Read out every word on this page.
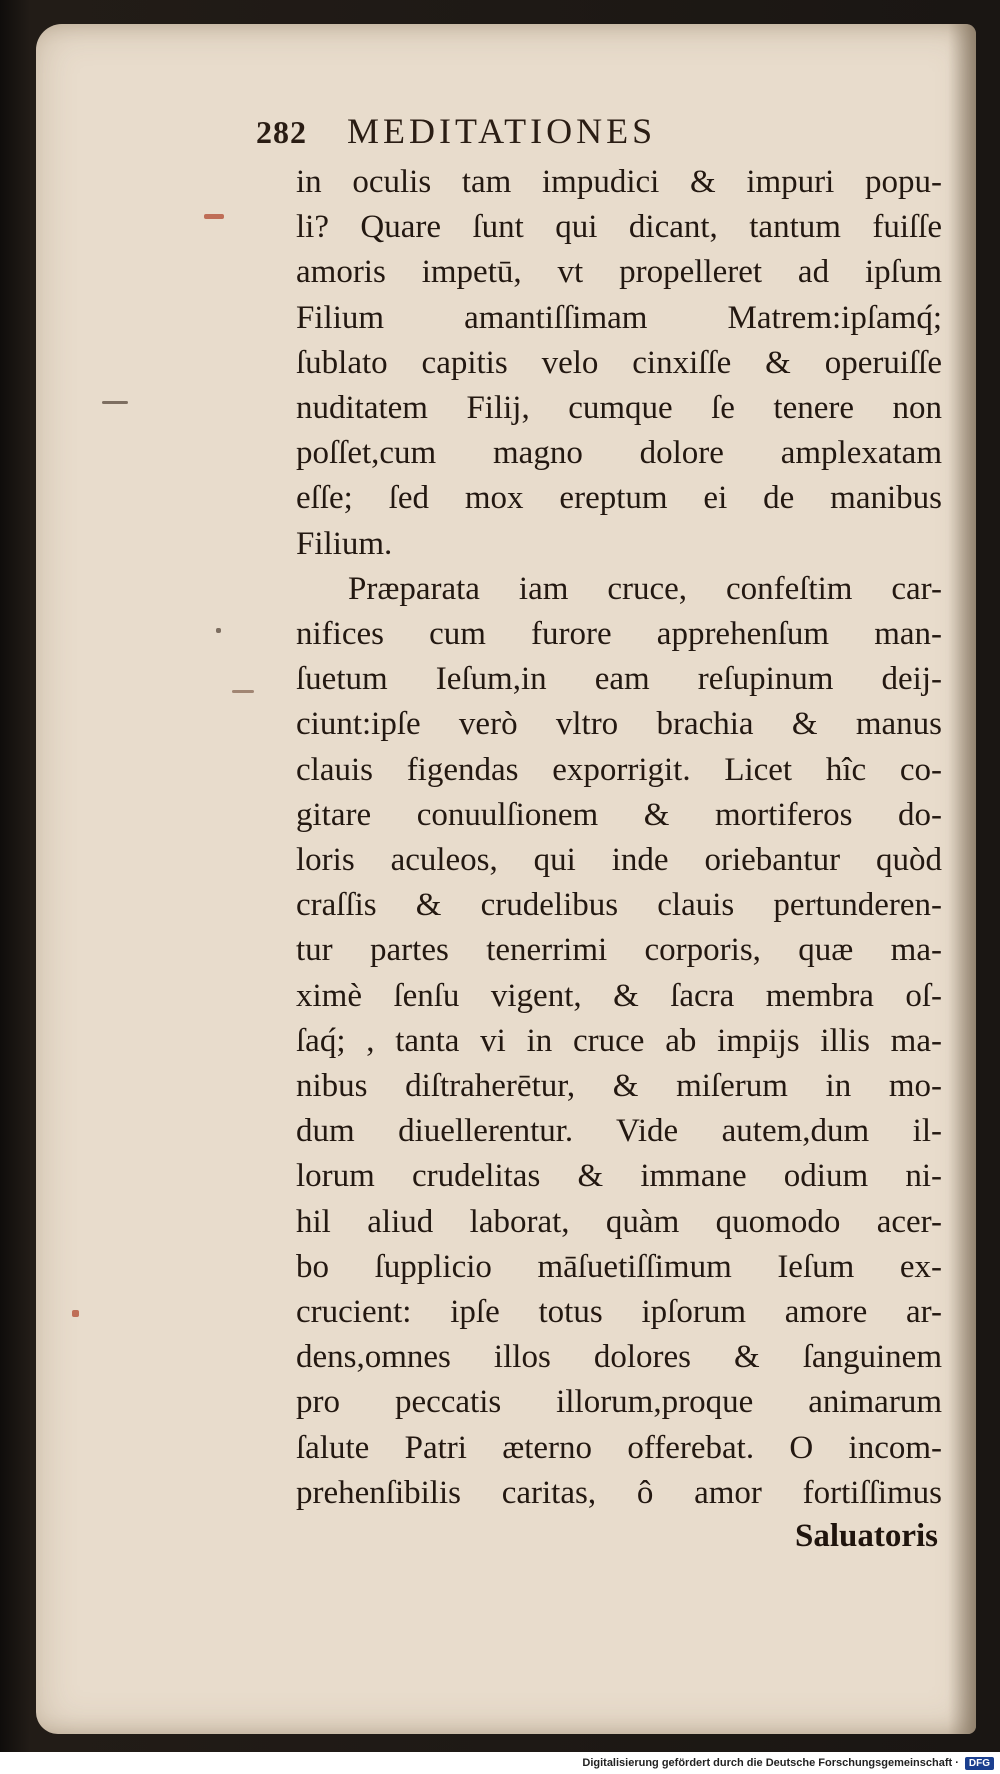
282 MEDITATIONES
in oculis tam impudici & impuri popu-
li? Quare ſunt qui dicant, tantum fuiſſe
amoris impetū, vt propelleret ad ipſum
Filium amantiſſimam Matrem:ipſamq́;
ſublato capitis velo cinxiſſe & operuiſſe
nuditatem Filij, cumque ſe tenere non
poſſet,cum magno dolore amplexatam
eſſe; ſed mox ereptum ei de manibus
Filium.
Præparata iam cruce, confeſtim car-
nifices cum furore apprehenſum man-
ſuetum Ieſum,in eam reſupinum deij-
ciunt:ipſe verò vltro brachia & manus
clauis figendas exporrigit. Licet hîc co-
gitare conuulſionem & mortiferos do-
loris aculeos, qui inde oriebantur quòd
craſſis & crudelibus clauis pertunderen-
tur partes tenerrimi corporis, quæ ma-
ximè ſenſu vigent, & ſacra membra oſ-
ſaq́; , tanta vi in cruce ab impijs illis ma-
nibus diſtraherētur, & miſerum in mo-
dum diuellerentur. Vide autem,dum il-
lorum crudelitas & immane odium ni-
hil aliud laborat, quàm quomodo acer-
bo ſupplicio māſuetiſſimum Ieſum ex-
crucient: ipſe totus ipſorum amore ar-
dens,omnes illos dolores & ſanguinem
pro peccatis illorum,proque animarum
ſalute Patri æterno offerebat. O incom-
prehenſibilis caritas, ô amor fortiſſimus
Saluatoris
Digitalisierung gefördert durch die Deutsche Forschungsgemeinschaft ·	DFG
